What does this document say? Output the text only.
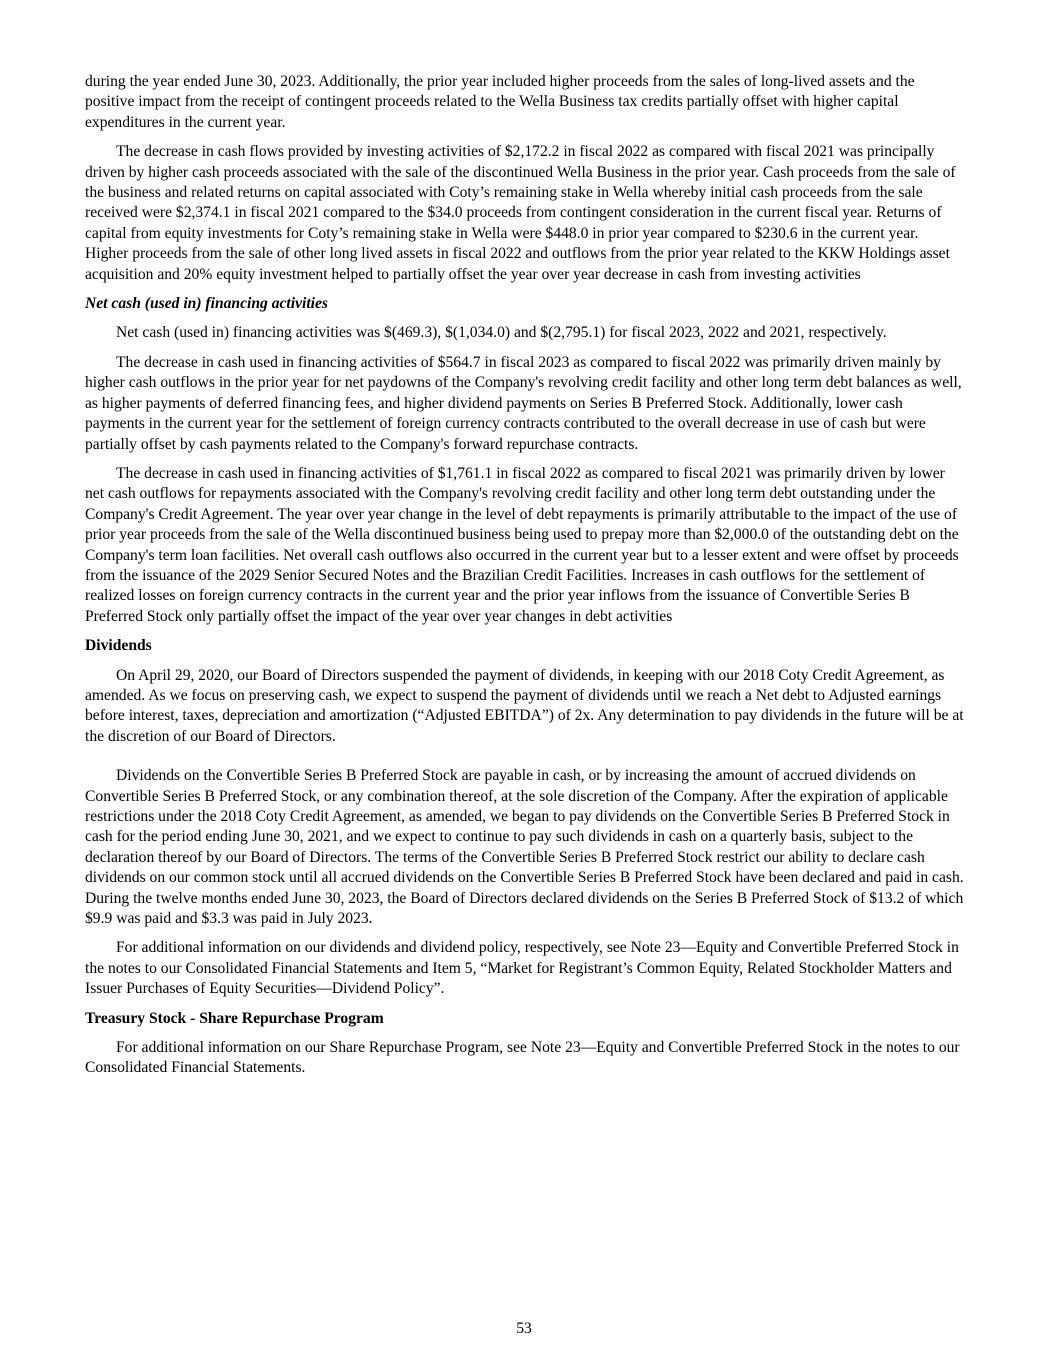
during the year ended June 30, 2023. Additionally, the prior year included higher proceeds from the sales of long-lived assets and the positive impact from the receipt of contingent proceeds related to the Wella Business tax credits partially offset with higher capital expenditures in the current year.

The decrease in cash flows provided by investing activities of $2,172.2 in fiscal 2022 as compared with fiscal 2021 was principally driven by higher cash proceeds associated with the sale of the discontinued Wella Business in the prior year. Cash proceeds from the sale of the business and related returns on capital associated with Coty’s remaining stake in Wella whereby initial cash proceeds from the sale received were $2,374.1 in fiscal 2021 compared to the $34.0 proceeds from contingent consideration in the current fiscal year. Returns of capital from equity investments for Coty’s remaining stake in Wella were $448.0 in prior year compared to $230.6 in the current year. Higher proceeds from the sale of other long lived assets in fiscal 2022 and outflows from the prior year related to the KKW Holdings asset acquisition and 20% equity investment helped to partially offset the year over year decrease in cash from investing activities

Net cash (used in) financing activities

Net cash (used in) financing activities was $(469.3), $(1,034.0) and $(2,795.1) for fiscal 2023, 2022 and 2021, respectively.

The decrease in cash used in financing activities of $564.7 in fiscal 2023 as compared to fiscal 2022 was primarily driven mainly by higher cash outflows in the prior year for net paydowns of the Company's revolving credit facility and other long term debt balances as well, as higher payments of deferred financing fees, and higher dividend payments on Series B Preferred Stock. Additionally, lower cash payments in the current year for the settlement of foreign currency contracts contributed to the overall decrease in use of cash but were partially offset by cash payments related to the Company's forward repurchase contracts.

The decrease in cash used in financing activities of $1,761.1 in fiscal 2022 as compared to fiscal 2021 was primarily driven by lower net cash outflows for repayments associated with the Company's revolving credit facility and other long term debt outstanding under the Company's Credit Agreement. The year over year change in the level of debt repayments is primarily attributable to the impact of the use of prior year proceeds from the sale of the Wella discontinued business being used to prepay more than $2,000.0 of the outstanding debt on the Company's term loan facilities. Net overall cash outflows also occurred in the current year but to a lesser extent and were offset by proceeds from the issuance of the 2029 Senior Secured Notes and the Brazilian Credit Facilities. Increases in cash outflows for the settlement of realized losses on foreign currency contracts in the current year and the prior year inflows from the issuance of Convertible Series B Preferred Stock only partially offset the impact of the year over year changes in debt activities

Dividends

On April 29, 2020, our Board of Directors suspended the payment of dividends, in keeping with our 2018 Coty Credit Agreement, as amended. As we focus on preserving cash, we expect to suspend the payment of dividends until we reach a Net debt to Adjusted earnings before interest, taxes, depreciation and amortization (“Adjusted EBITDA”) of 2x. Any determination to pay dividends in the future will be at the discretion of our Board of Directors.

Dividends on the Convertible Series B Preferred Stock are payable in cash, or by increasing the amount of accrued dividends on Convertible Series B Preferred Stock, or any combination thereof, at the sole discretion of the Company. After the expiration of applicable restrictions under the 2018 Coty Credit Agreement, as amended, we began to pay dividends on the Convertible Series B Preferred Stock in cash for the period ending June 30, 2021, and we expect to continue to pay such dividends in cash on a quarterly basis, subject to the declaration thereof by our Board of Directors. The terms of the Convertible Series B Preferred Stock restrict our ability to declare cash dividends on our common stock until all accrued dividends on the Convertible Series B Preferred Stock have been declared and paid in cash. During the twelve months ended June 30, 2023, the Board of Directors declared dividends on the Series B Preferred Stock of $13.2 of which $9.9 was paid and $3.3 was paid in July 2023.

For additional information on our dividends and dividend policy, respectively, see Note 23—Equity and Convertible Preferred Stock in the notes to our Consolidated Financial Statements and Item 5, “Market for Registrant’s Common Equity, Related Stockholder Matters and Issuer Purchases of Equity Securities—Dividend Policy”.

Treasury Stock - Share Repurchase Program

For additional information on our Share Repurchase Program, see Note 23—Equity and Convertible Preferred Stock in the notes to our Consolidated Financial Statements.

53
